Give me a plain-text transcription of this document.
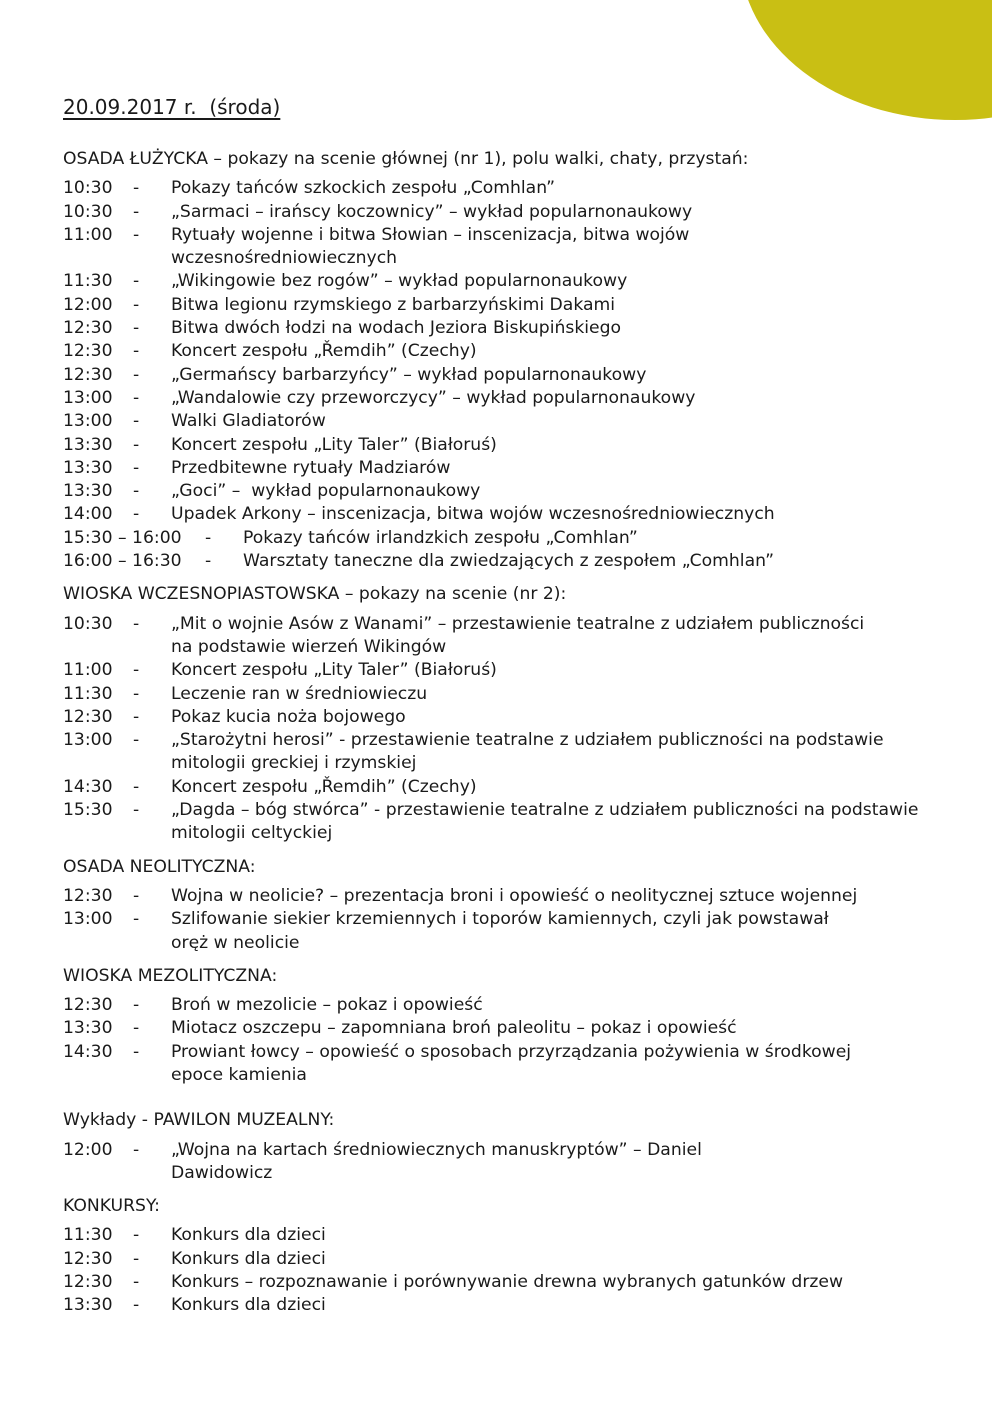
20.09.2017 r.  (środa)
OSADA ŁUŻYCKA – pokazy na scenie głównej (nr 1), polu walki, chaty, przystań:
10:30	-	Pokazy tańców szkockich zespołu „Comhlan”
10:30	-	„Sarmaci – irańscy koczownicy” – wykład popularnonaukowy
11:00	-	Rytuały wojenne i bitwa Słowian – inscenizacja, bitwa wojów wczesnośredniowiecznych
11:30	-	„Wikingowie bez rogów” – wykład popularnonaukowy
12:00	-	Bitwa legionu rzymskiego z barbarzyńskimi Dakami
12:30	-	Bitwa dwóch łodzi na wodach Jeziora Biskupińskiego
12:30	-	Koncert zespołu „Řemdih” (Czechy)
12:30	-	„Germańscy barbarzyńcy” – wykład popularnonaukowy
13:00	-	„Wandalowie czy przeworczycy” – wykład popularnonaukowy
13:00	-	Walki Gladiatorów
13:30	-	Koncert zespołu „Lity Taler” (Białoruś)
13:30	-	Przedbitewne rytuały Madziarów
13:30	-	„Goci” –  wykład popularnonaukowy
14:00	-	Upadek Arkony – inscenizacja, bitwa wojów wczesnośredniowiecznych
15:30 – 16:00	-	Pokazy tańców irlandzkich zespołu „Comhlan”
16:00 – 16:30	-	Warsztaty taneczne dla zwiedzających z zespołem „Comhlan”
WIOSKA WCZESNOPIASTOWSKA – pokazy na scenie (nr 2):
10:30	-	„Mit o wojnie Asów z Wanami” – przestawienie teatralne z udziałem publiczności na podstawie wierzeń Wikingów
11:00	-	Koncert zespołu „Lity Taler” (Białoruś)
11:30	-	Leczenie ran w średniowieczu
12:30	-	Pokaz kucia noża bojowego
13:00	-	„Starożytni herosi” - przestawienie teatralne z udziałem publiczności na podstawie mitologii greckiej i rzymskiej
14:30	-	Koncert zespołu „Řemdih” (Czechy)
15:30	-	„Dagda – bóg stwórca” - przestawienie teatralne z udziałem publiczności na podstawie mitologii celtyckiej
OSADA NEOLITYCZNA:
12:30	-	Wojna w neolicie? – prezentacja broni i opowieść o neolitycznej sztuce wojennej
13:00	-	Szlifowanie siekier krzemiennych i toporów kamiennych, czyli jak powstawał oręż w neolicie
WIOSKA MEZOLITYCZNA:
12:30	-	Broń w mezolicie – pokaz i opowieść
13:30	-	Miotacz oszczepu – zapomniana broń paleolitu – pokaz i opowieść
14:30	-	Prowiant łowcy – opowieść o sposobach przyrządzania pożywienia w środkowej epoce kamienia
Wykłady - PAWILON MUZEALNY:
12:00	-	„Wojna na kartach średniowiecznych manuskryptów” – Daniel Dawidowicz
KONKURSY:
11:30	-	Konkurs dla dzieci
12:30	-	Konkurs dla dzieci
12:30	-	Konkurs – rozpoznawanie i porównywanie drewna wybranych gatunków drzew
13:30	-	Konkurs dla dzieci
